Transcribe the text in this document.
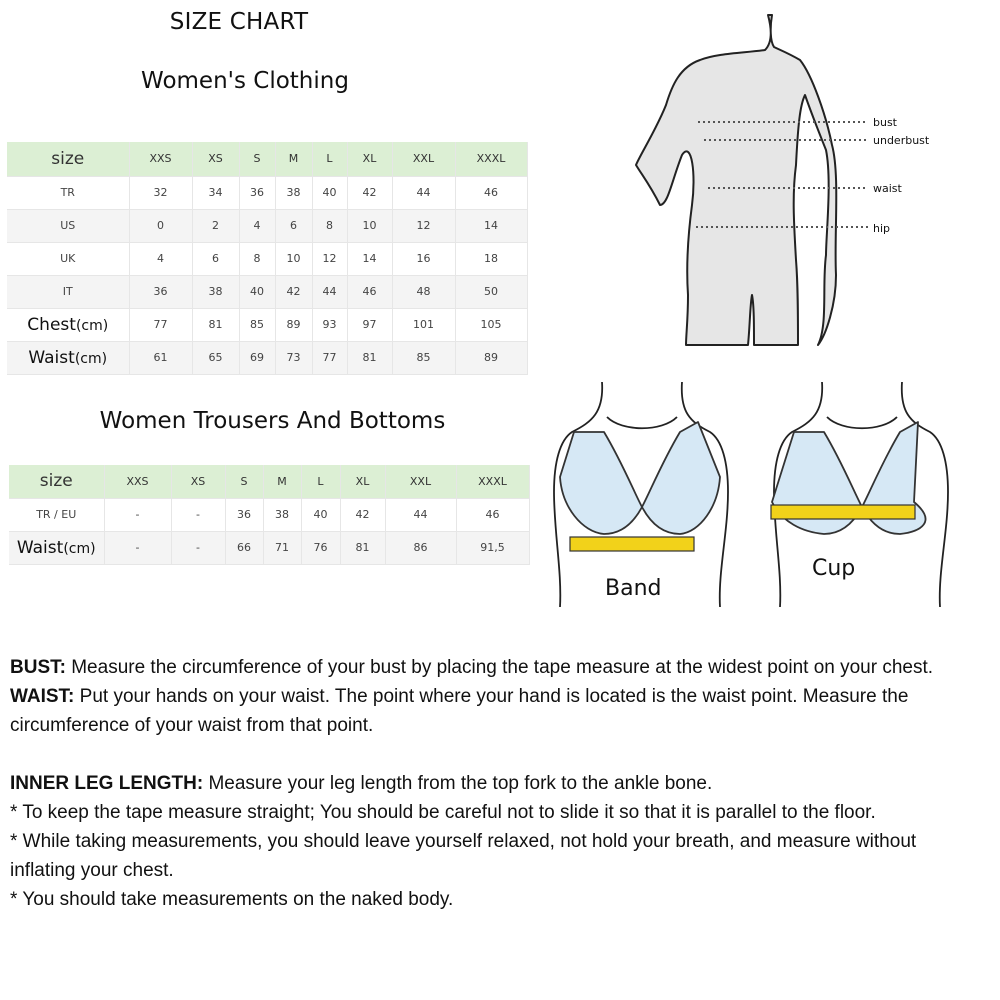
SIZE CHART
Women's Clothing
size	XXS	XS	S	M	L	XL	XXL	XXXL
TR	32	34	36	38	40	42	44	46
US	0	2	4	6	8	10	12	14
UK	4	6	8	10	12	14	16	18
IT	36	38	40	42	44	46	48	50
Chest(cm)	77	81	85	89	93	97	101	105
Waist(cm)	61	65	69	73	77	81	85	89
Women Trousers And Bottoms
size	XXS	XS	S	M	L	XL	XXL	XXXL
TR / EU	-	-	36	38	40	42	44	46
Waist(cm)	-	-	66	71	76	81	86	91,5
bust
underbust
waist
hip
Band
Cup

BUST: Measure the circumference of your bust by placing the tape measure at the widest point on your chest.

WAIST: Put your hands on your waist. The point where your hand is located is the waist point. Measure the circumference of your waist from that point.

INNER LEG LENGTH: Measure your leg length from the top fork to the ankle bone.

* To keep the tape measure straight; You should be careful not to slide it so that it is parallel to the floor.

* While taking measurements, you should leave yourself relaxed, not hold your breath, and measure without inflating your chest.

* You should take measurements on the naked body.
